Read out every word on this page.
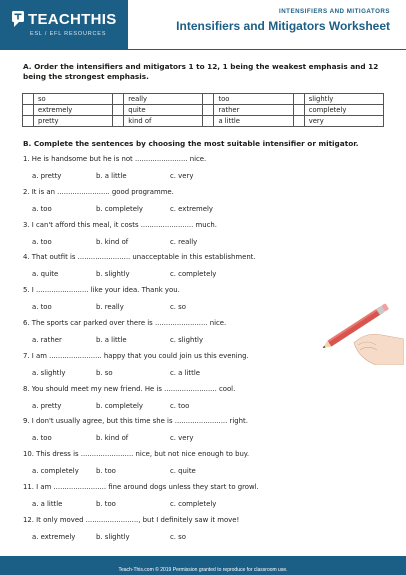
TEACHTHIS
ESL / EFL RESOURCES
INTENSIFIERS AND MITIGATORS
Intensifiers and Mitigators Worksheet
A. Order the intensifiers and mitigators 1 to 12, 1 being the weakest emphasis and 12 being the strongest emphasis.
	so		really		too		slightly
	extremely		quite		rather		completely
	pretty		kind of		a little		very
B. Complete the sentences by choosing the most suitable intensifier or mitigator.
1. He is handsome but he is not ........................ nice.
a. pretty	b. a little	c. very
2. It is an ........................ good programme.
a. too	b. completely	c. extremely
3. I can't afford this meal, it costs ........................ much.
a. too	b. kind of	c. really
4. That outfit is ........................ unacceptable in this establishment.
a. quite	b. slightly	c. completely
5. I ........................ like your idea. Thank you.
a. too	b. really	c. so
6. The sports car parked over there is ........................ nice.
a. rather	b. a little	c. slightly
7. I am ........................ happy that you could join us this evening.
a. slightly	b. so	c. a little
8. You should meet my new friend. He is ........................ cool.
a. pretty	b. completely	c. too
9. I don't usually agree, but this time she is ........................ right.
a. too	b. kind of	c. very
10. This dress is ........................ nice, but not nice enough to buy.
a. completely	b. too	c. quite
11. I am ........................ fine around dogs unless they start to growl.
a. a little	b. too	c. completely
12. It only moved ........................, but I definitely saw it move!
a. extremely	b. slightly	c. so
Teach-This.com © 2019 Permission granted to reproduce for classroom use.
